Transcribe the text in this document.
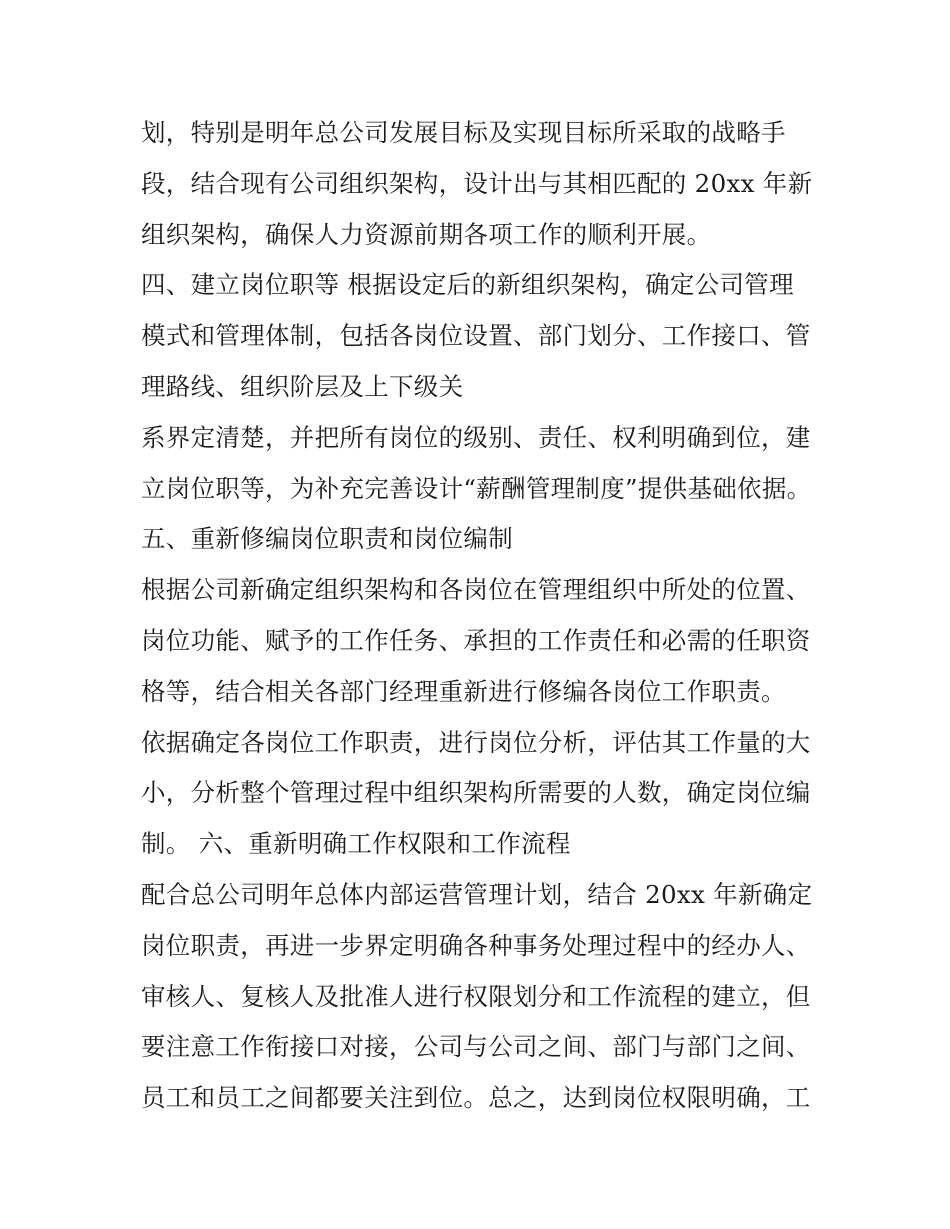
划，特别是明年总公司发展目标及实现目标所采取的战略手
段，结合现有公司组织架构，设计出与其相匹配的 20xx 年新
组织架构，确保人力资源前期各项工作的顺利开展。
四、建立岗位职等 根据设定后的新组织架构，确定公司管理
模式和管理体制，包括各岗位设置、部门划分、工作接口、管
理路线、组织阶层及上下级关
系界定清楚，并把所有岗位的级别、责任、权利明确到位，建
立岗位职等，为补充完善设计“薪酬管理制度”提供基础依据。
五、重新修编岗位职责和岗位编制
根据公司新确定组织架构和各岗位在管理组织中所处的位置、
岗位功能、赋予的工作任务、承担的工作责任和必需的任职资
格等，结合相关各部门经理重新进行修编各岗位工作职责。
依据确定各岗位工作职责，进行岗位分析，评估其工作量的大
小，分析整个管理过程中组织架构所需要的人数，确定岗位编
制。 六、重新明确工作权限和工作流程
配合总公司明年总体内部运营管理计划，结合 20xx 年新确定
岗位职责，再进一步界定明确各种事务处理过程中的经办人、
审核人、复核人及批准人进行权限划分和工作流程的建立，但
要注意工作衔接口对接，公司与公司之间、部门与部门之间、
员工和员工之间都要关注到位。总之，达到岗位权限明确，工
